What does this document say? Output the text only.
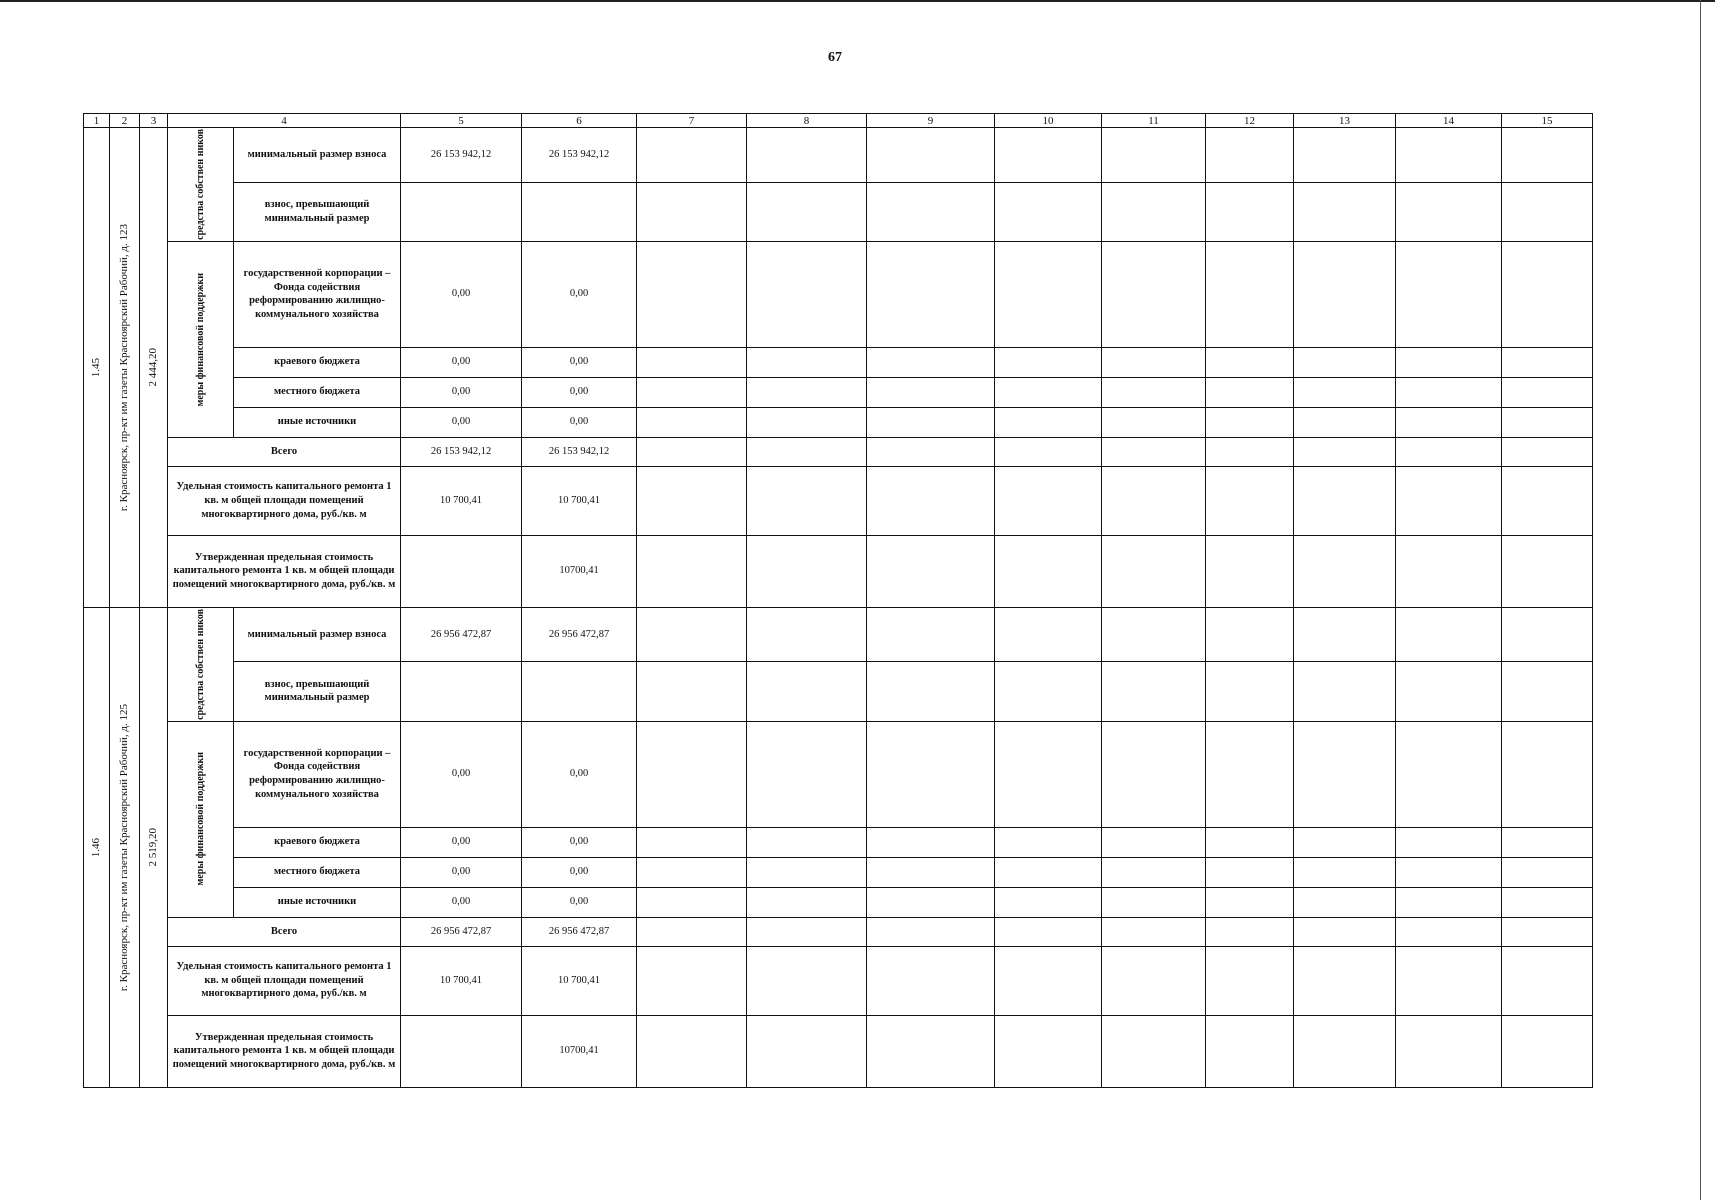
67
1	2	3	4		5	6	7	8	9	10	11	12	13	14	15

1.45	г. Красноярск, пр-кт им газеты Красноярский Рабочий, д. 123	2 444,20	средства собствен ников	минимальный размер взноса	26 153 942,12	26 153 942,12									
				взнос, превышающий минимальный размер											

			меры финансовой поддержки	государственной корпорации – Фонда содействия реформированию жилищно-коммунального хозяйства	0,00	0,00									
				краевого бюджета	0,00	0,00									
				местного бюджета	0,00	0,00									
				иные источники	0,00	0,00									
			Всего		26 153 942,12	26 153 942,12									
			Удельная стоимость капитального ремонта 1 кв. м общей площади помещений многоквартирного дома, руб./кв. м		10 700,41	10 700,41									
			Утвержденная предельная стоимость капитального ремонта 1 кв. м общей площади помещений многоквартирного дома, руб./кв. м			10700,41									

1.46	г. Красноярск, пр-кт им газеты Красноярский Рабочий, д. 125	2 519,20	средства собствен ников	минимальный размер взноса	26 956 472,87	26 956 472,87									
				взнос, превышающий минимальный размер											

			меры финансовой поддержки	государственной корпорации – Фонда содействия реформированию жилищно-коммунального хозяйства	0,00	0,00									
				краевого бюджета	0,00	0,00									
				местного бюджета	0,00	0,00									
				иные источники	0,00	0,00									
			Всего		26 956 472,87	26 956 472,87									
			Удельная стоимость капитального ремонта 1 кв. м общей площади помещений многоквартирного дома, руб./кв. м		10 700,41	10 700,41									
			Утвержденная предельная стоимость капитального ремонта 1 кв. м общей площади помещений многоквартирного дома, руб./кв. м			10700,41									
